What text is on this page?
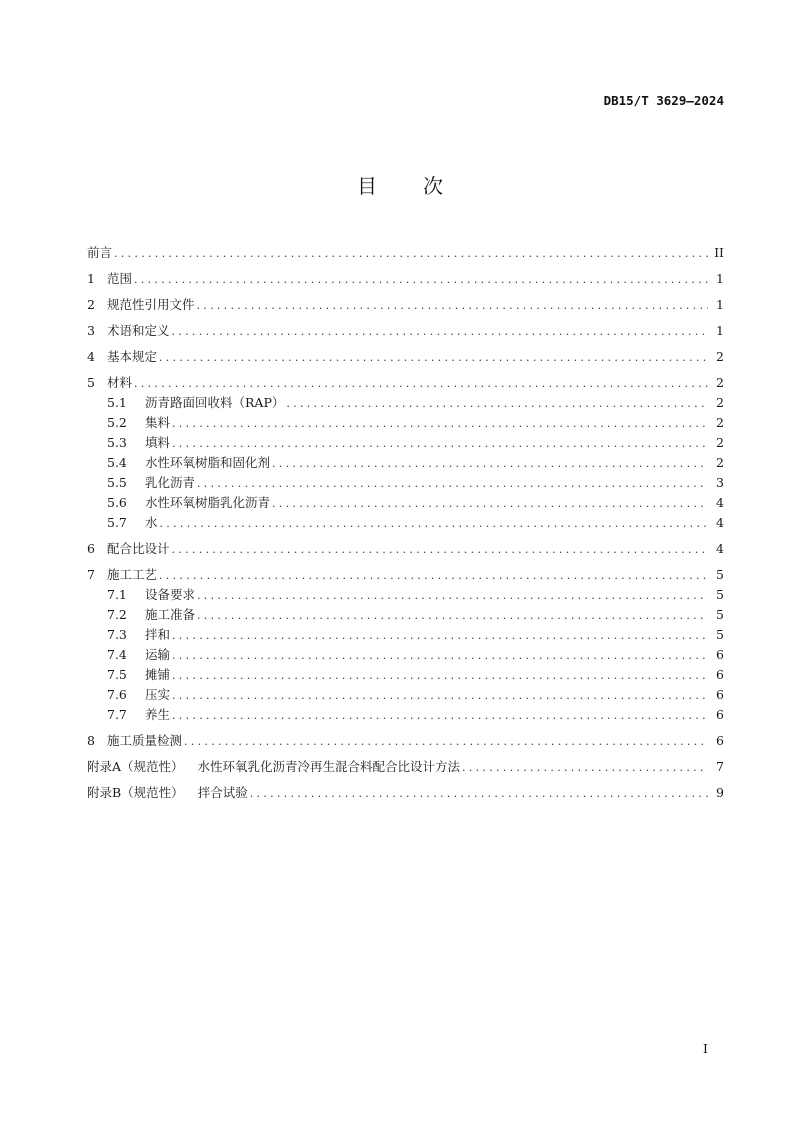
DB15/T 3629—2024
目 次
前言 .....	II
1 范围 .....	1
2 规范性引用文件 .....	1
3 术语和定义 .....	1
4 基本规定 .....	2
5 材料 .....	2
5.1	沥青路面回收料（RAP） .....	2
5.2	集料 .....	2
5.3	填料 .....	2
5.4	水性环氧树脂和固化剂 .....	2
5.5	乳化沥青 .....	3
5.6	水性环氧树脂乳化沥青 .....	4
5.7	水 .....	4
6 配合比设计 .....	4
7 施工工艺 .....	5
7.1	设备要求 .....	5
7.2	施工准备 .....	5
7.3	拌和 .....	5
7.4	运输 .....	6
7.5	摊铺 .....	6
7.6	压实 .....	6
7.7	养生 .....	6
8 施工质量检测 .....	6
附录A（规范性） 水性环氧乳化沥青冷再生混合料配合比设计方法 .....	7
附录B（规范性） 拌合试验 .....	9
I
